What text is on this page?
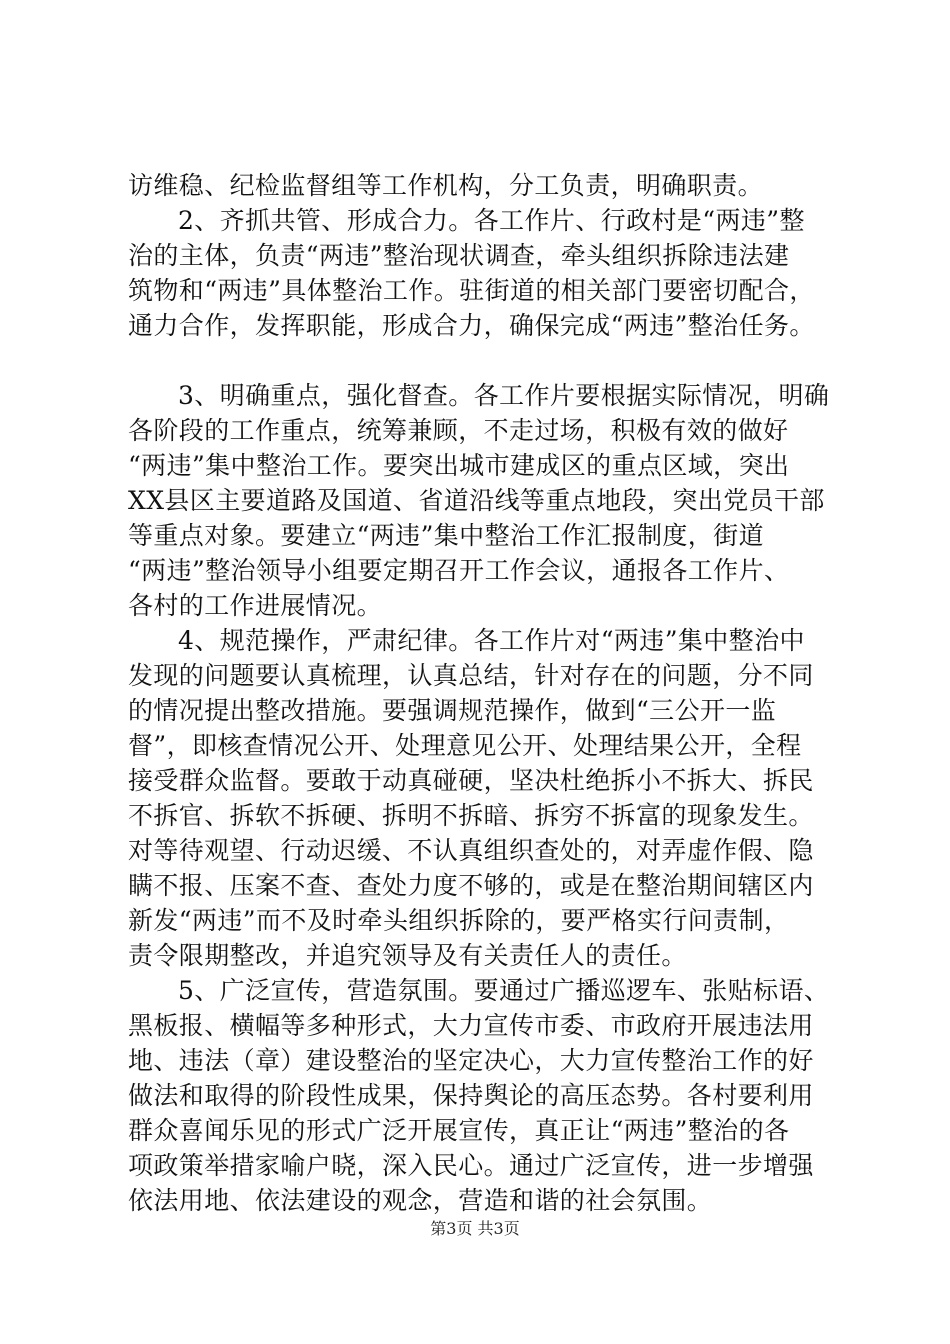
访维稳、纪检监督组等工作机构，分工负责，明确职责。
2、齐抓共管、形成合力。各工作片、行政村是“两违”整
治的主体，负责“两违”整治现状调查，牵头组织拆除违法建
筑物和“两违”具体整治工作。驻街道的相关部门要密切配合，
通力合作，发挥职能，形成合力，确保完成“两违”整治任务。
3、明确重点，强化督查。各工作片要根据实际情况，明确
各阶段的工作重点，统筹兼顾，不走过场，积极有效的做好
“两违”集中整治工作。要突出城市建成区的重点区域，突出
XX县区主要道路及国道、省道沿线等重点地段，突出党员干部
等重点对象。要建立“两违”集中整治工作汇报制度，街道
“两违”整治领导小组要定期召开工作会议，通报各工作片、
各村的工作进展情况。
4、规范操作，严肃纪律。各工作片对“两违”集中整治中
发现的问题要认真梳理，认真总结，针对存在的问题，分不同
的情况提出整改措施。要强调规范操作，做到“三公开一监
督”，即核查情况公开、处理意见公开、处理结果公开，全程
接受群众监督。要敢于动真碰硬，坚决杜绝拆小不拆大、拆民
不拆官、拆软不拆硬、拆明不拆暗、拆穷不拆富的现象发生。
对等待观望、行动迟缓、不认真组织查处的，对弄虚作假、隐
瞒不报、压案不查、查处力度不够的，或是在整治期间辖区内
新发“两违”而不及时牵头组织拆除的，要严格实行问责制，
责令限期整改，并追究领导及有关责任人的责任。
5、广泛宣传，营造氛围。要通过广播巡逻车、张贴标语、
黑板报、横幅等多种形式，大力宣传市委、市政府开展违法用
地、违法（章）建设整治的坚定决心，大力宣传整治工作的好
做法和取得的阶段性成果，保持舆论的高压态势。各村要利用
群众喜闻乐见的形式广泛开展宣传，真正让“两违”整治的各
项政策举措家喻户晓，深入民心。通过广泛宣传，进一步增强
依法用地、依法建设的观念，营造和谐的社会氛围。
第3页 共3页
